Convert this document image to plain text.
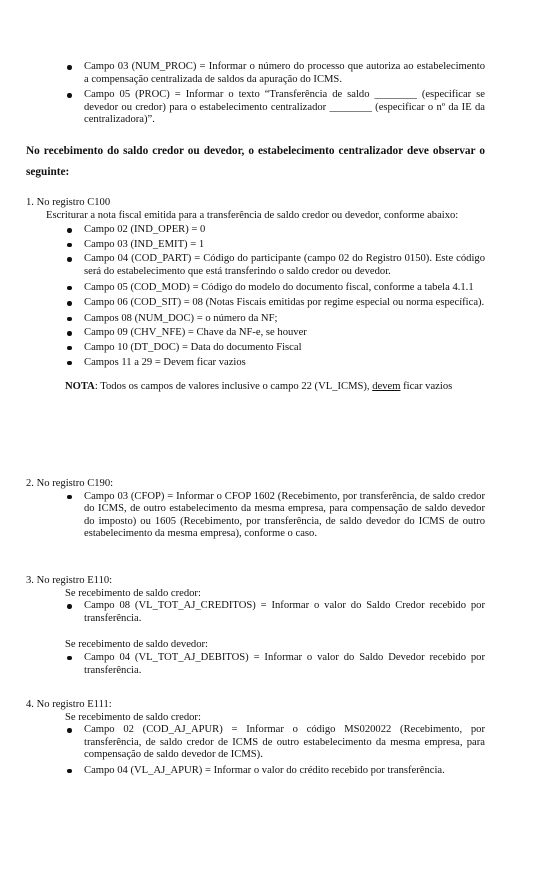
Campo 03 (NUM_PROC) = Informar o número do processo que autoriza ao estabelecimento a compensação centralizada de saldos da apuração do ICMS.
Campo 05 (PROC) = Informar o texto “Transferência de saldo ________ (especificar se devedor ou credor) para o estabelecimento centralizador ________ (especificar o nº da IE da centralizadora)”.
No recebimento do saldo credor ou devedor, o estabelecimento centralizador deve observar o seguinte:
1. No registro C100
Escriturar a nota fiscal emitida para a transferência de saldo credor ou devedor, conforme abaixo:
Campo 02 (IND_OPER) = 0
Campo 03 (IND_EMIT) = 1
Campo 04 (COD_PART) = Código do participante (campo 02 do Registro 0150). Este código será do estabelecimento que está transferindo o saldo credor ou devedor.
Campo 05 (COD_MOD) = Código do modelo do documento fiscal, conforme a tabela 4.1.1
Campo 06 (COD_SIT) = 08 (Notas Fiscais emitidas por regime especial ou norma específica).
Campos 08 (NUM_DOC) = o número da NF;
Campo 09 (CHV_NFE) = Chave da NF-e, se houver
Campo 10 (DT_DOC) = Data do documento Fiscal
Campos 11 a 29 = Devem ficar vazios
NOTA: Todos os campos de valores inclusive o campo 22 (VL_ICMS), devem ficar vazios
2. No registro C190:
Campo 03 (CFOP) = Informar o CFOP 1602 (Recebimento, por transferência, de saldo credor do ICMS, de outro estabelecimento da mesma empresa, para compensação de saldo devedor do imposto) ou 1605 (Recebimento, por transferência, de saldo devedor do ICMS de outro estabelecimento da mesma empresa), conforme o caso.
3. No registro E110:
Se recebimento de saldo credor:
Campo 08 (VL_TOT_AJ_CREDITOS) = Informar o valor do Saldo Credor recebido por transferência.
Se recebimento de saldo devedor:
Campo 04 (VL_TOT_AJ_DEBITOS) = Informar o valor do Saldo Devedor recebido por transferência.
4. No registro E111:
Se recebimento de saldo credor:
Campo 02 (COD_AJ_APUR) = Informar o código MS020022 (Recebimento, por transferência, de saldo credor de ICMS de outro estabelecimento da mesma empresa, para compensação de saldo devedor de ICMS).
Campo 04 (VL_AJ_APUR) = Informar o valor do crédito recebido por transferência.
